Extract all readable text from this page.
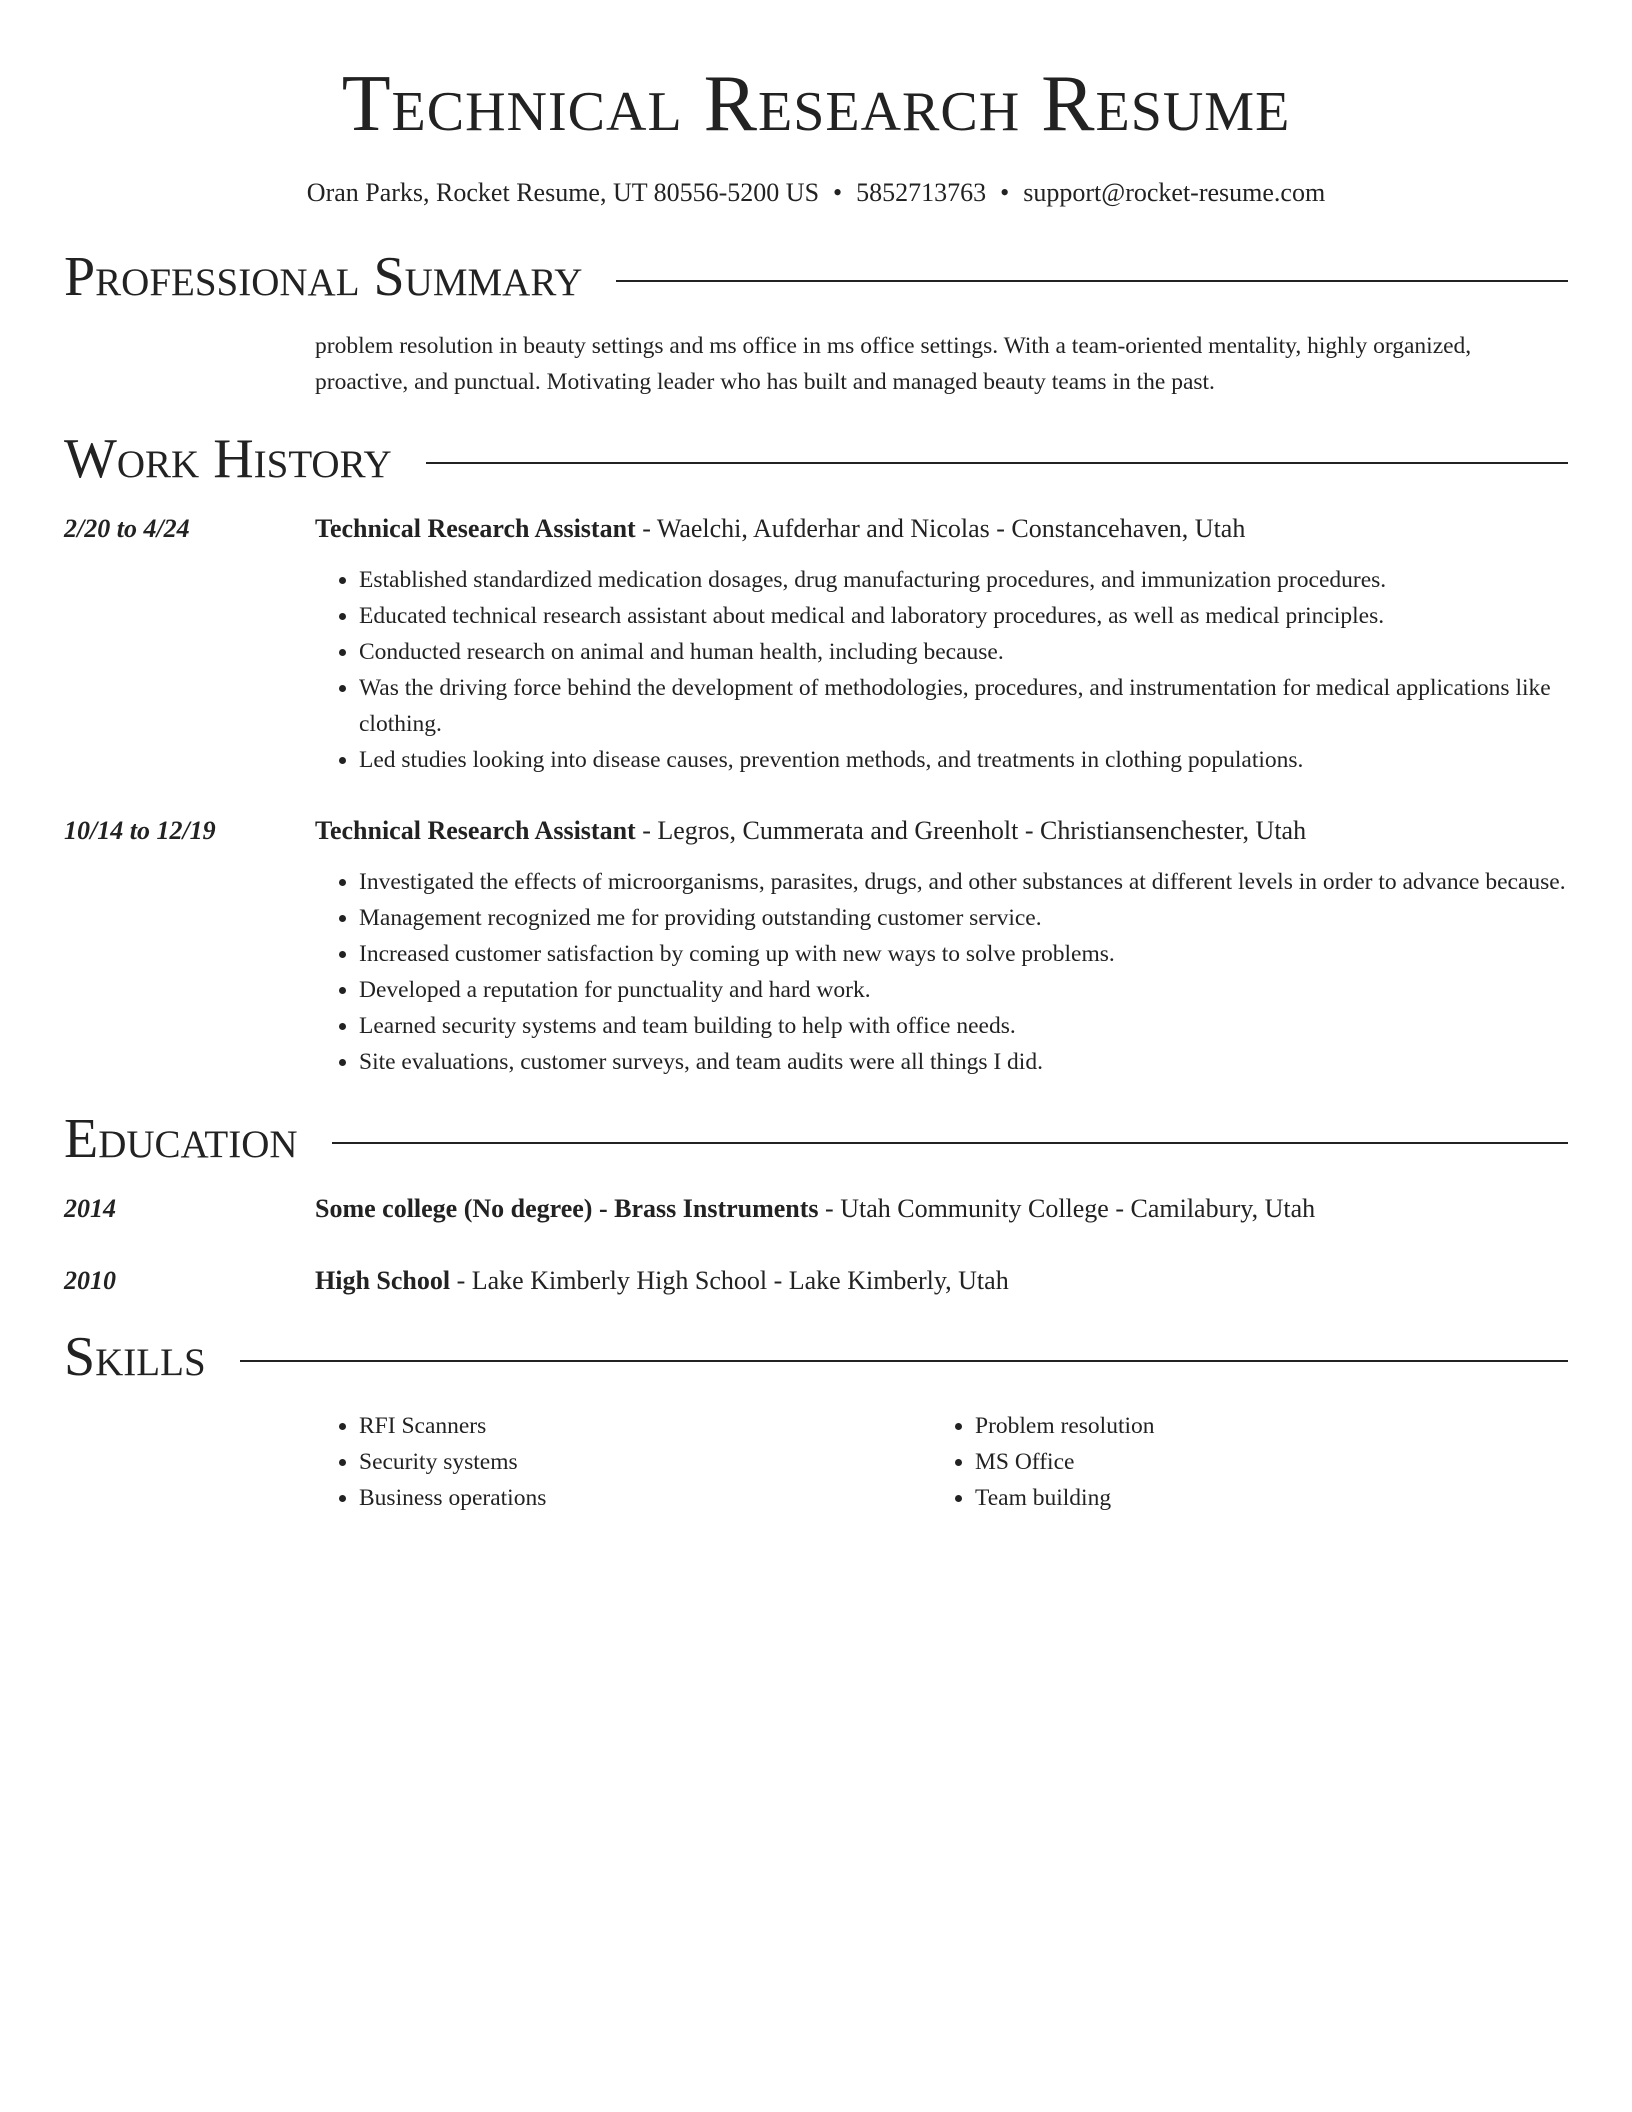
Technical Research Resume
Oran Parks, Rocket Resume, UT 80556-5200 US • 5852713763 • support@rocket-resume.com
Professional Summary
problem resolution in beauty settings and ms office in ms office settings. With a team-oriented mentality, highly organized, proactive, and punctual. Motivating leader who has built and managed beauty teams in the past.
Work History
2/20 to 4/24	Technical Research Assistant - Waelchi, Aufderhar and Nicolas - Constancehaven, Utah
• Established standardized medication dosages, drug manufacturing procedures, and immunization procedures.
• Educated technical research assistant about medical and laboratory procedures, as well as medical principles.
• Conducted research on animal and human health, including because.
• Was the driving force behind the development of methodologies, procedures, and instrumentation for medical applications like clothing.
• Led studies looking into disease causes, prevention methods, and treatments in clothing populations.
10/14 to 12/19	Technical Research Assistant - Legros, Cummerata and Greenholt - Christiansenchester, Utah
• Investigated the effects of microorganisms, parasites, drugs, and other substances at different levels in order to advance because.
• Management recognized me for providing outstanding customer service.
• Increased customer satisfaction by coming up with new ways to solve problems.
• Developed a reputation for punctuality and hard work.
• Learned security systems and team building to help with office needs.
• Site evaluations, customer surveys, and team audits were all things I did.
Education
2014	Some college (No degree) - Brass Instruments - Utah Community College - Camilabury, Utah
2010	High School - Lake Kimberly High School - Lake Kimberly, Utah
Skills
• RFI Scanners
• Security systems
• Business operations
• Problem resolution
• MS Office
• Team building
